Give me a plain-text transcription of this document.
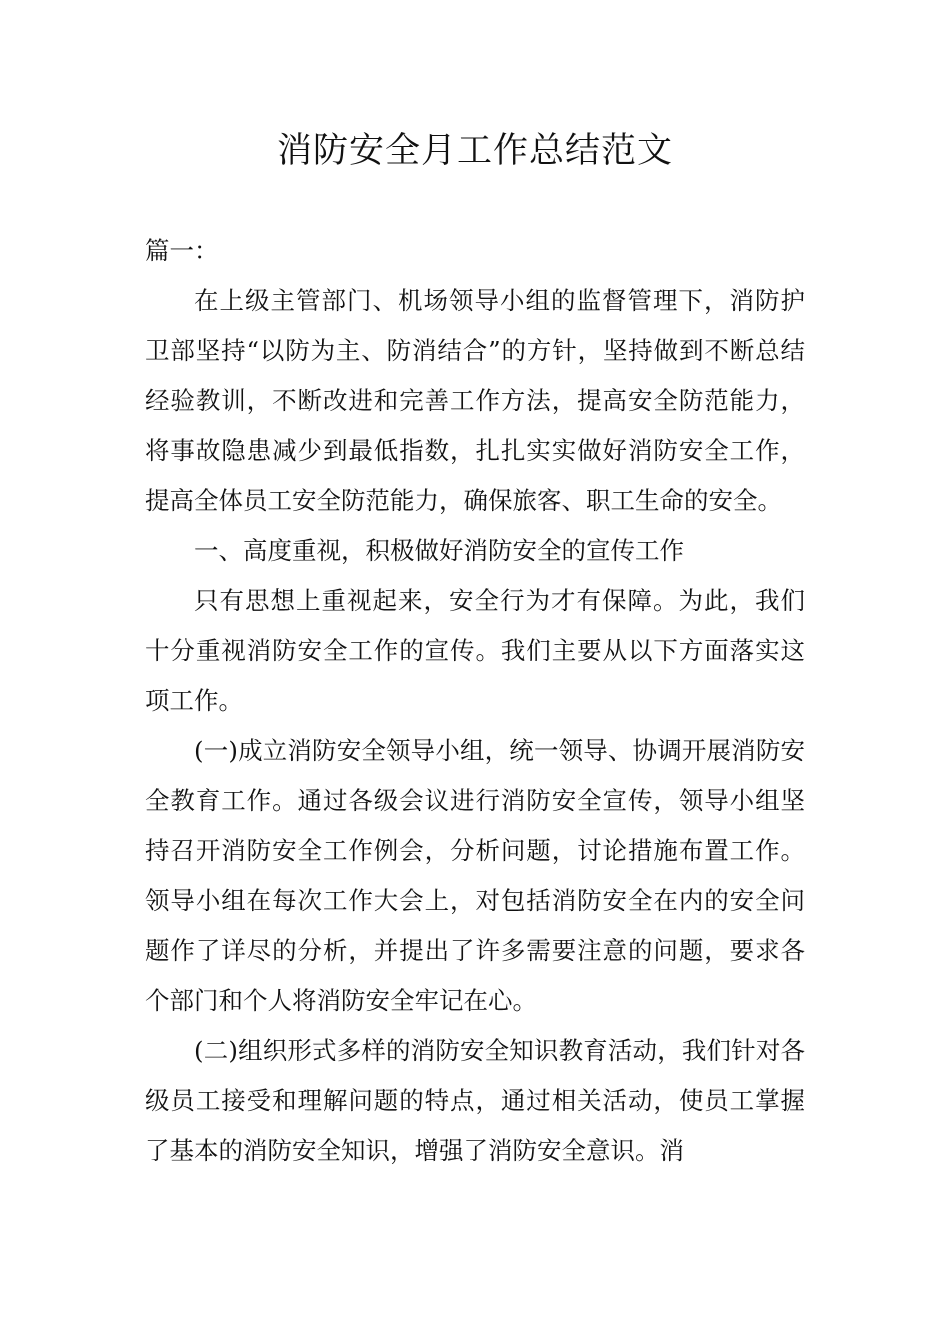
消防安全月工作总结范文

篇一：

在上级主管部门、机场领导小组的监督管理下，消防护卫部坚持“以防为主、防消结合”的方针，坚持做到不断总结经验教训，不断改进和完善工作方法，提高安全防范能力，将事故隐患减少到最低指数，扎扎实实做好消防安全工作，提高全体员工安全防范能力，确保旅客、职工生命的安全。

一、高度重视，积极做好消防安全的宣传工作

只有思想上重视起来，安全行为才有保障。为此，我们十分重视消防安全工作的宣传。我们主要从以下方面落实这项工作。

(一)成立消防安全领导小组，统一领导、协调开展消防安全教育工作。通过各级会议进行消防安全宣传，领导小组坚持召开消防安全工作例会，分析问题，讨论措施布置工作。领导小组在每次工作大会上，对包括消防安全在内的安全问题作了详尽的分析，并提出了许多需要注意的问题，要求各个部门和个人将消防安全牢记在心。

(二)组织形式多样的消防安全知识教育活动，我们针对各级员工接受和理解问题的特点，通过相关活动，使员工掌握了基本的消防安全知识，增强了消防安全意识。消
